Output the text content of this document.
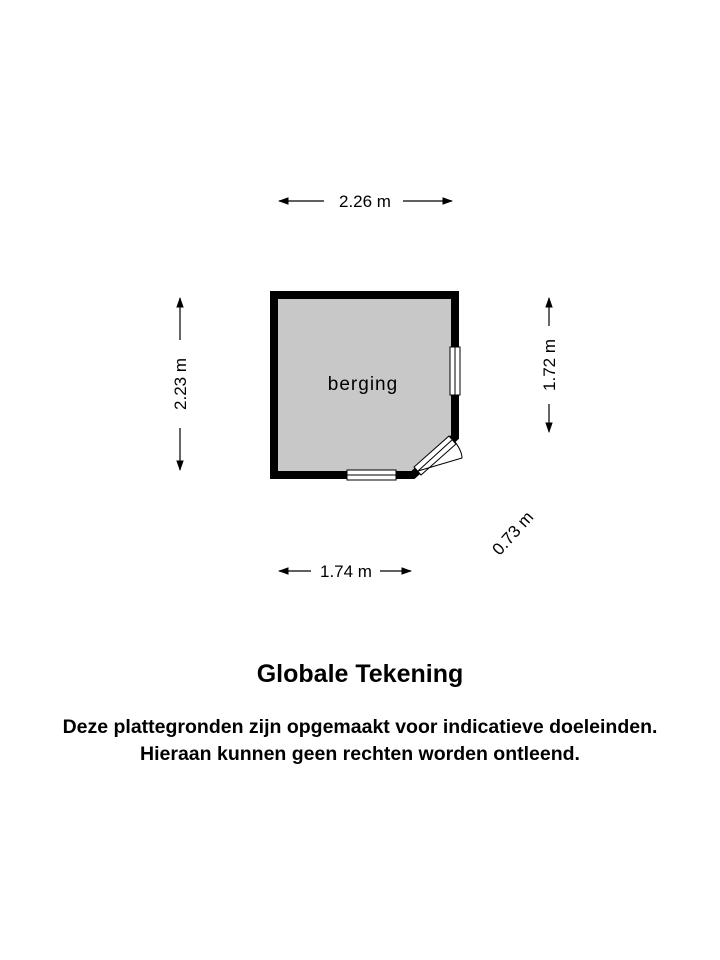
berging
2.26 m
2.23 m	1.72 m
0.73 m
1.74 m
Globale Tekening
Deze plattegronden zijn opgemaakt voor indicatieve doeleinden.
Hieraan kunnen geen rechten worden ontleend.
